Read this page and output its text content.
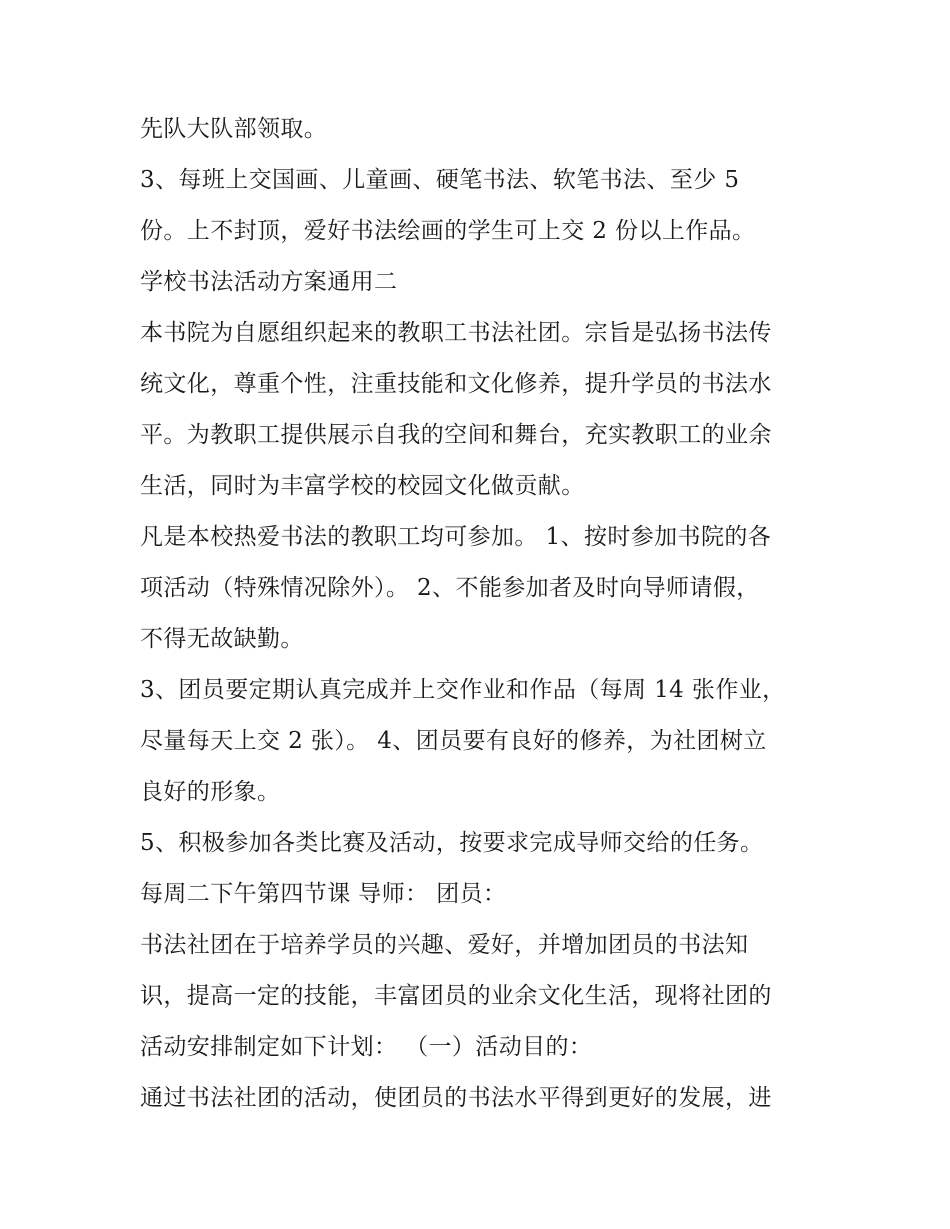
先队大队部领取。
3、每班上交国画、儿童画、硬笔书法、软笔书法、至少 5
份。上不封顶，爱好书法绘画的学生可上交 2 份以上作品。
学校书法活动方案通用二
本书院为自愿组织起来的教职工书法社团。宗旨是弘扬书法传
统文化，尊重个性，注重技能和文化修养，提升学员的书法水
平。为教职工提供展示自我的空间和舞台，充实教职工的业余
生活，同时为丰富学校的校园文化做贡献。
凡是本校热爱书法的教职工均可参加。 1、按时参加书院的各
项活动（特殊情况除外）。 2、不能参加者及时向导师请假，
不得无故缺勤。
3、团员要定期认真完成并上交作业和作品（每周 14 张作业，
尽量每天上交 2 张）。 4、团员要有良好的修养，为社团树立
良好的形象。
5、积极参加各类比赛及活动，按要求完成导师交给的任务。
每周二下午第四节课 导师： 团员：
书法社团在于培养学员的兴趣、爱好，并增加团员的书法知
识，提高一定的技能，丰富团员的业余文化生活，现将社团的
活动安排制定如下计划： （一）活动目的：
通过书法社团的活动，使团员的书法水平得到更好的发展，进
